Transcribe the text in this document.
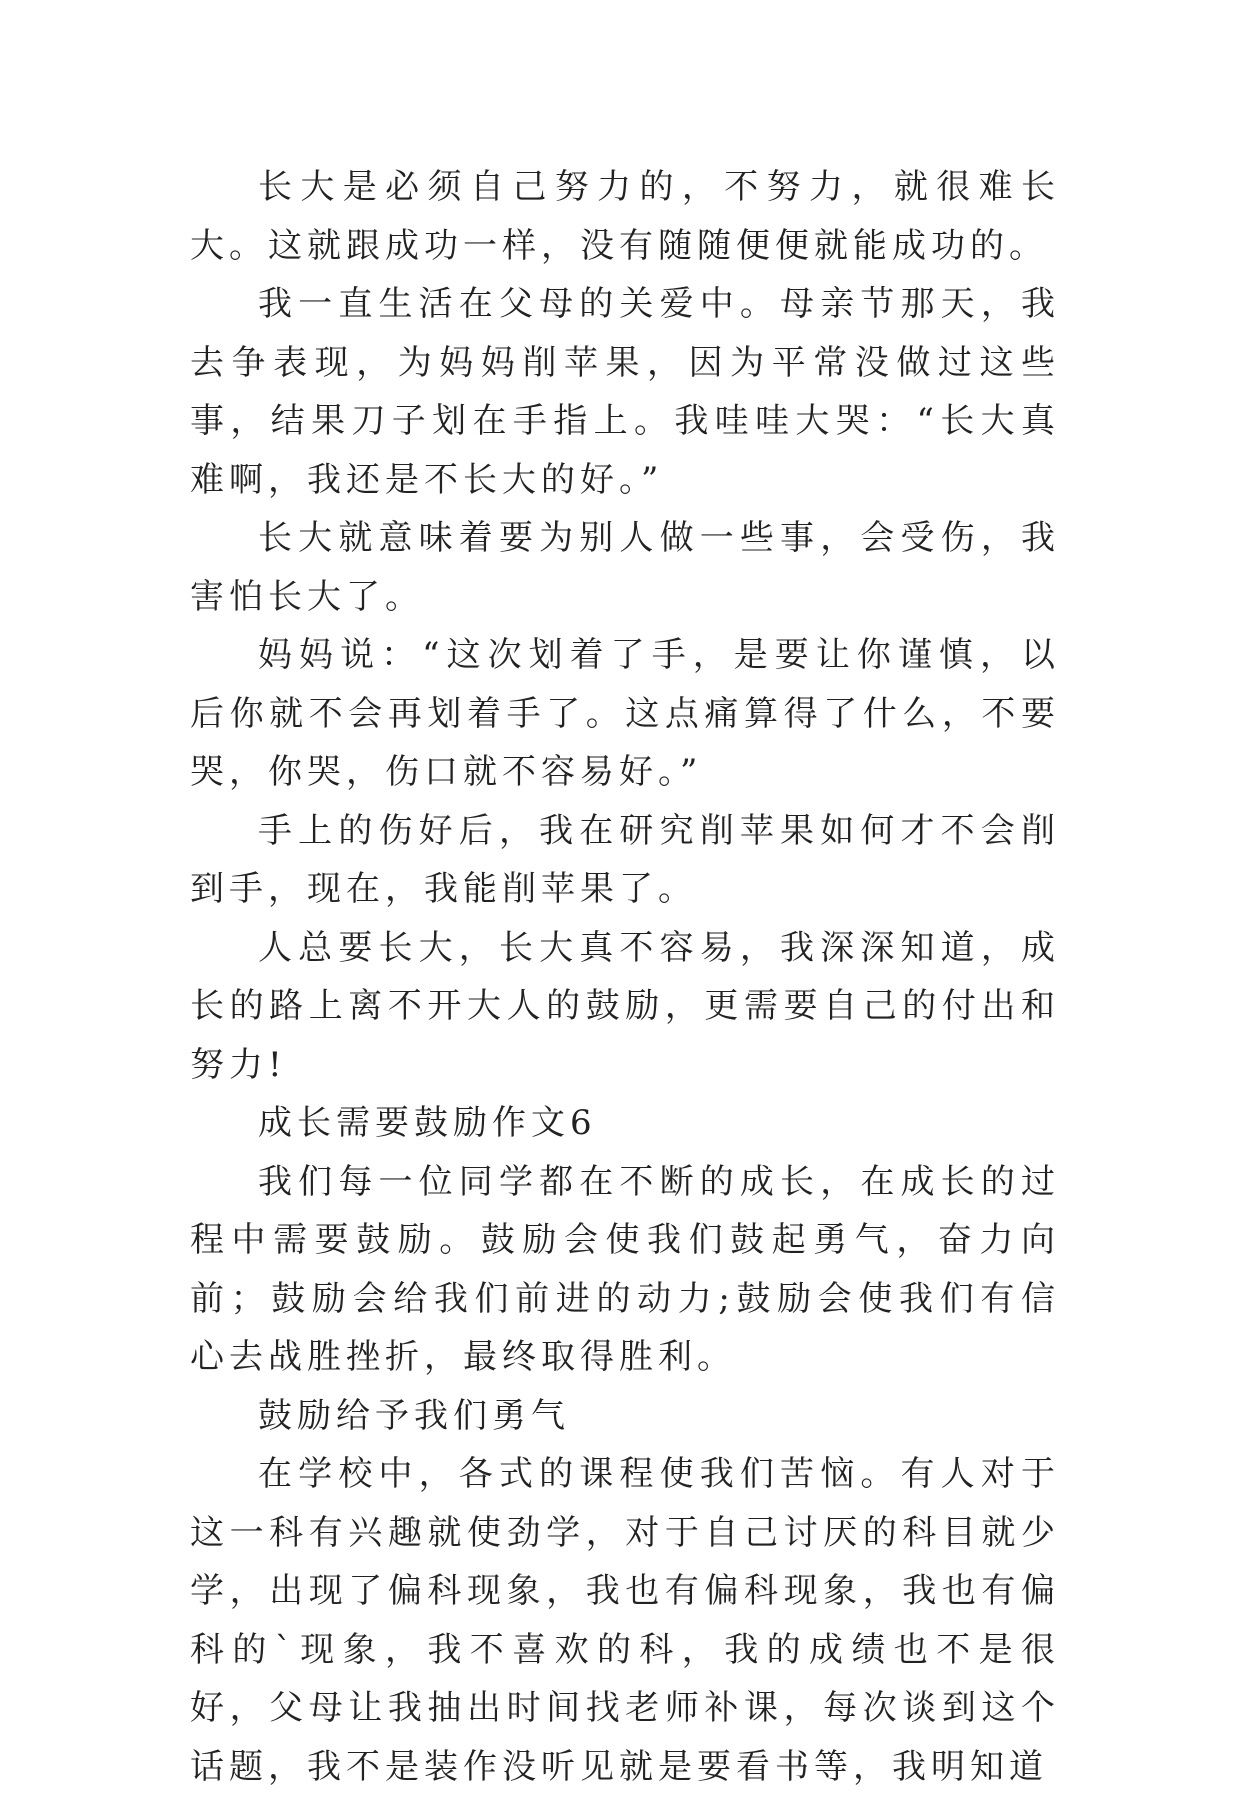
长大是必须自己努力的，不努力，就很难长大。这就跟成功一样，没有随随便便就能成功的。

我一直生活在父母的关爱中。母亲节那天，我去争表现，为妈妈削苹果，因为平常没做过这些事，结果刀子划在手指上。我哇哇大哭：“长大真难啊，我还是不长大的好。”

长大就意味着要为别人做一些事，会受伤，我害怕长大了。

妈妈说：“这次划着了手，是要让你谨慎，以后你就不会再划着手了。这点痛算得了什么，不要哭，你哭，伤口就不容易好。”

手上的伤好后，我在研究削苹果如何才不会削到手，现在，我能削苹果了。

人总要长大，长大真不容易，我深深知道，成长的路上离不开大人的鼓励，更需要自己的付出和努力!

成长需要鼓励作文6

我们每一位同学都在不断的成长，在成长的过程中需要鼓励。鼓励会使我们鼓起勇气，奋力向前；鼓励会给我们前进的动力;鼓励会使我们有信心去战胜挫折，最终取得胜利。

鼓励给予我们勇气

在学校中，各式的课程使我们苦恼。有人对于这一科有兴趣就使劲学，对于自己讨厌的科目就少学，出现了偏科现象，我也有偏科现象，我也有偏科的`现象，我不喜欢的科，我的成绩也不是很好，父母让我抽出时间找老师补课，每次谈到这个话题，我不是装作没听见就是要看书等，我明知道
